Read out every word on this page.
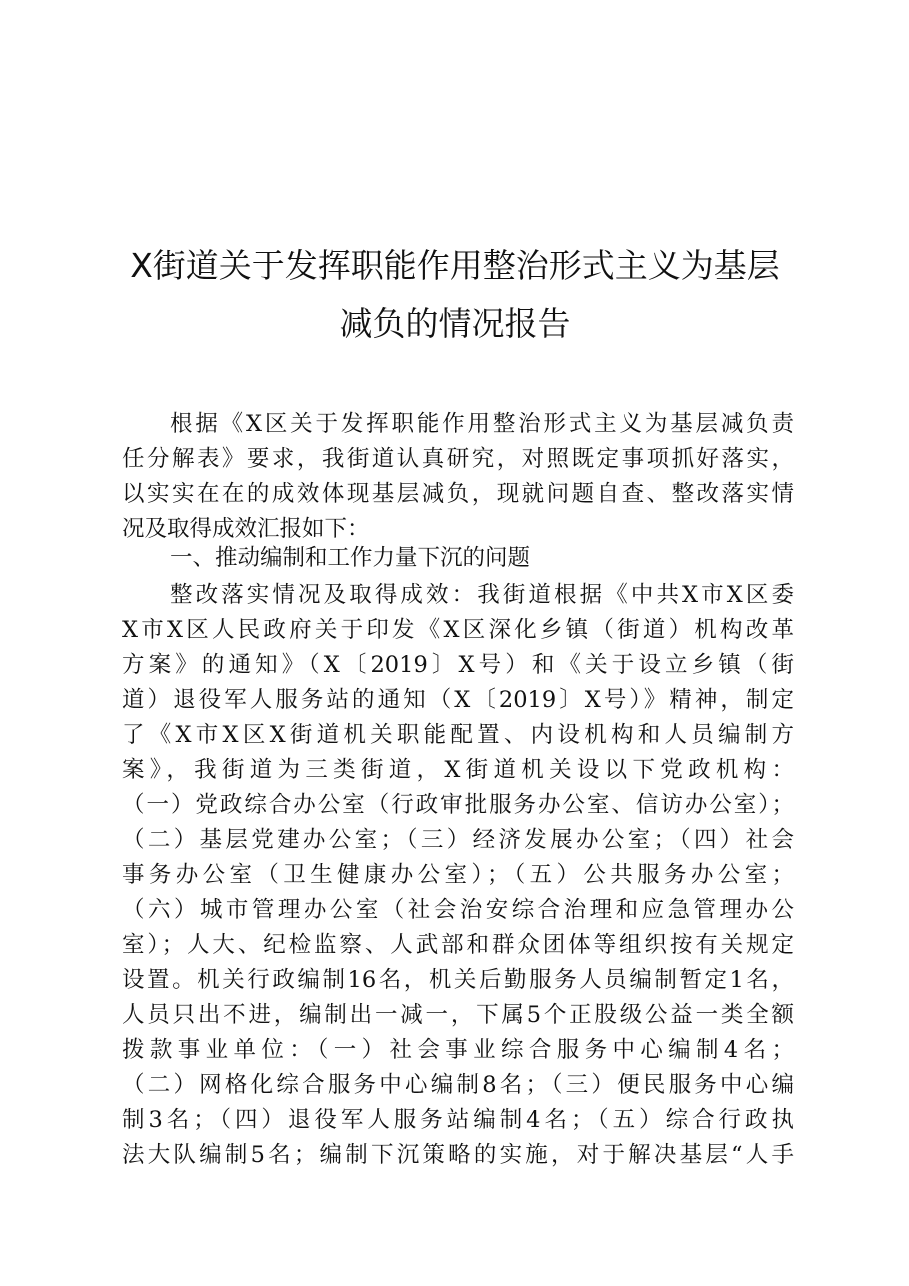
X街道关于发挥职能作用整治形式主义为基层
减负的情况报告
根据《X区关于发挥职能作用整治形式主义为基层减负责
任分解表》要求，我街道认真研究，对照既定事项抓好落实，
以实实在在的成效体现基层减负，现就问题自查、整改落实情
况及取得成效汇报如下：
一、推动编制和工作力量下沉的问题
整改落实情况及取得成效：我街道根据《中共X市X区委
X市X区人民政府关于印发《X区深化乡镇（街道）机构改革
方案》的通知》（X〔2019〕X号）和《关于设立乡镇（街
道）退役军人服务站的通知（X〔2019〕X号）》精神，制定
了《X市X区X街道机关职能配置、内设机构和人员编制方
案》，我街道为三类街道，X街道机关设以下党政机构：
（一）党政综合办公室（行政审批服务办公室、信访办公室）；
（二）基层党建办公室；（三）经济发展办公室；（四）社会
事务办公室（卫生健康办公室）；（五）公共服务办公室；
（六）城市管理办公室（社会治安综合治理和应急管理办公
室）；人大、纪检监察、人武部和群众团体等组织按有关规定
设置。机关行政编制16名，机关后勤服务人员编制暂定1名，
人员只出不进，编制出一减一，下属5个正股级公益一类全额
拨款事业单位：（一）社会事业综合服务中心编制4名；
（二）网格化综合服务中心编制8名；（三）便民服务中心编
制3名；（四）退役军人服务站编制4名；（五）综合行政执
法大队编制5名；编制下沉策略的实施，对于解决基层“人手
